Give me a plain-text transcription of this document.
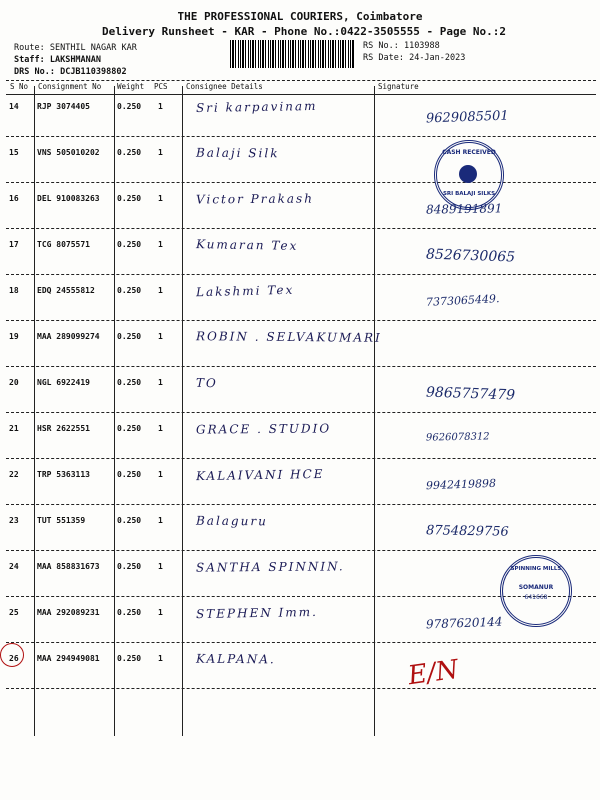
THE PROFESSIONAL COURIERS, Coimbatore
Delivery Runsheet - KAR - Phone No.:0422-3505555 - Page No.:2
Route: SENTHIL NAGAR KAR
Staff: LAKSHMANAN
DRS No.: DCJB110398802
RS No.: 1103988
RS Date: 24-Jan-2023
S No Consignment No Weight PCS Consignee Details	Signature
14 RJP 3074405	0.250 1	Sri karpavinam
9629085501
15 VNS 505010202 0.250 1	Balaji Silk
16 DEL 910083263 0.250 1	Victor Prakash
8489191891
17 TCG 8075571	0.250 1	Kumaran Tex
8526730065
18 EDQ 24555812	0.250 1	Lakshmi Tex
7373065449.
19 MAA 289099274 0.250 1	ROBIN . SELVAKUMARI
20 NGL 6922419	0.250 1	TO
9865757479
21 HSR 2622551	0.250 1	GRACE . STUDIO
9626078312
22 TRP 5363113	0.250 1	KALAIVANI HCE
9942419898
23 TUT 551359	0.250 1	Balaguru
8754829756
24 MAA 858831673 0.250 1	SANTHA SPINNIN.
25 MAA 292089231 0.250 1	STEPHEN Imm.
9787620144
26 MAA 294949081 0.250 1	KALPANA.
CASH RECEIVED
SRI BALAJI SILKS
SPINNING MILLS
SOMANUR
641668
E/N
